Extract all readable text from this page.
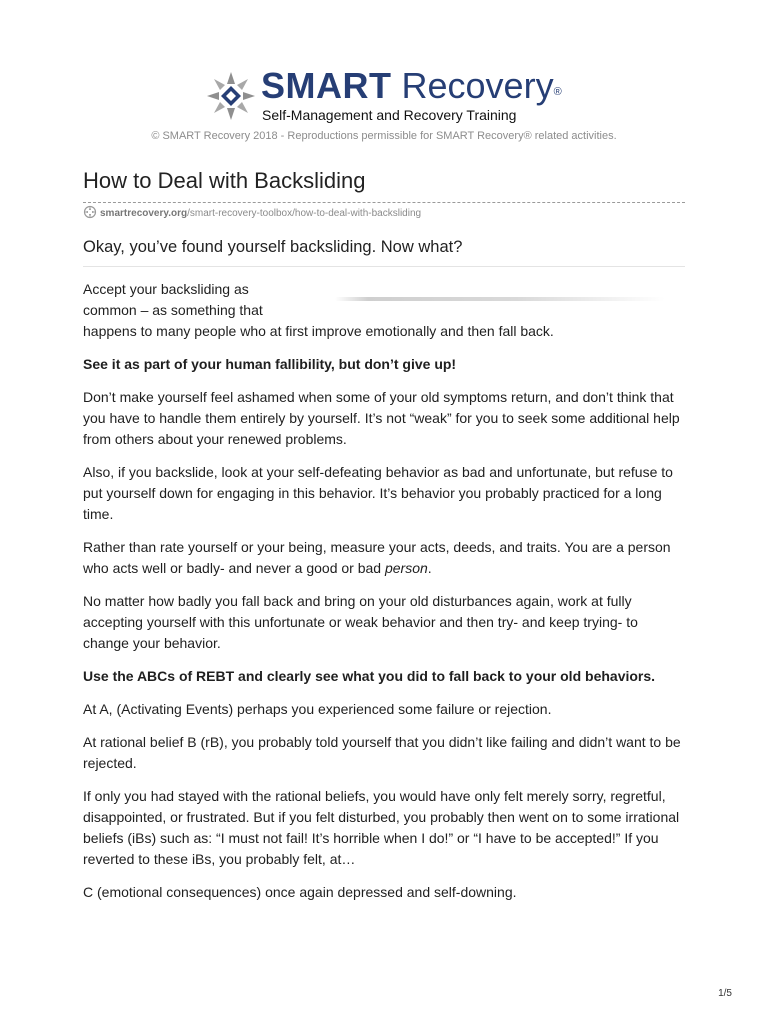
SMART Recovery®
Self-Management and Recovery Training
© SMART Recovery 2018 - Reproductions permissible for SMART Recovery® related activities.
How to Deal with Backsliding
smartrecovery.org/smart-recovery-toolbox/how-to-deal-with-backsliding
Okay, you’ve found yourself backsliding. Now what?

Accept your backsliding as

common – as something that

happens to many people who at first improve emotionally and then fall back.

See it as part of your human fallibility, but don’t give up!

Don’t make yourself feel ashamed when some of your old symptoms return, and don’t think that you have to handle them entirely by yourself. It’s not “weak” for you to seek some additional help from others about your renewed problems.

Also, if you backslide, look at your self-defeating behavior as bad and unfortunate, but refuse to put yourself down for engaging in this behavior. It’s behavior you probably practiced for a long time.

Rather than rate yourself or your being, measure your acts, deeds, and traits. You are a person who acts well or badly- and never a good or bad person.

No matter how badly you fall back and bring on your old disturbances again, work at fully accepting yourself with this unfortunate or weak behavior and then try- and keep trying- to change your behavior.

Use the ABCs of REBT and clearly see what you did to fall back to your old behaviors.

At A, (Activating Events) perhaps you experienced some failure or rejection.

At rational belief B (rB), you probably told yourself that you didn’t like failing and didn’t want to be rejected.

If only you had stayed with the rational beliefs, you would have only felt merely sorry, regretful, disappointed, or frustrated. But if you felt disturbed, you probably then went on to some irrational beliefs (iBs) such as: “I must not fail! It’s horrible when I do!” or “I have to be accepted!” If you reverted to these iBs, you probably felt, at…

C (emotional consequences) once again depressed and self-downing.

1/5
